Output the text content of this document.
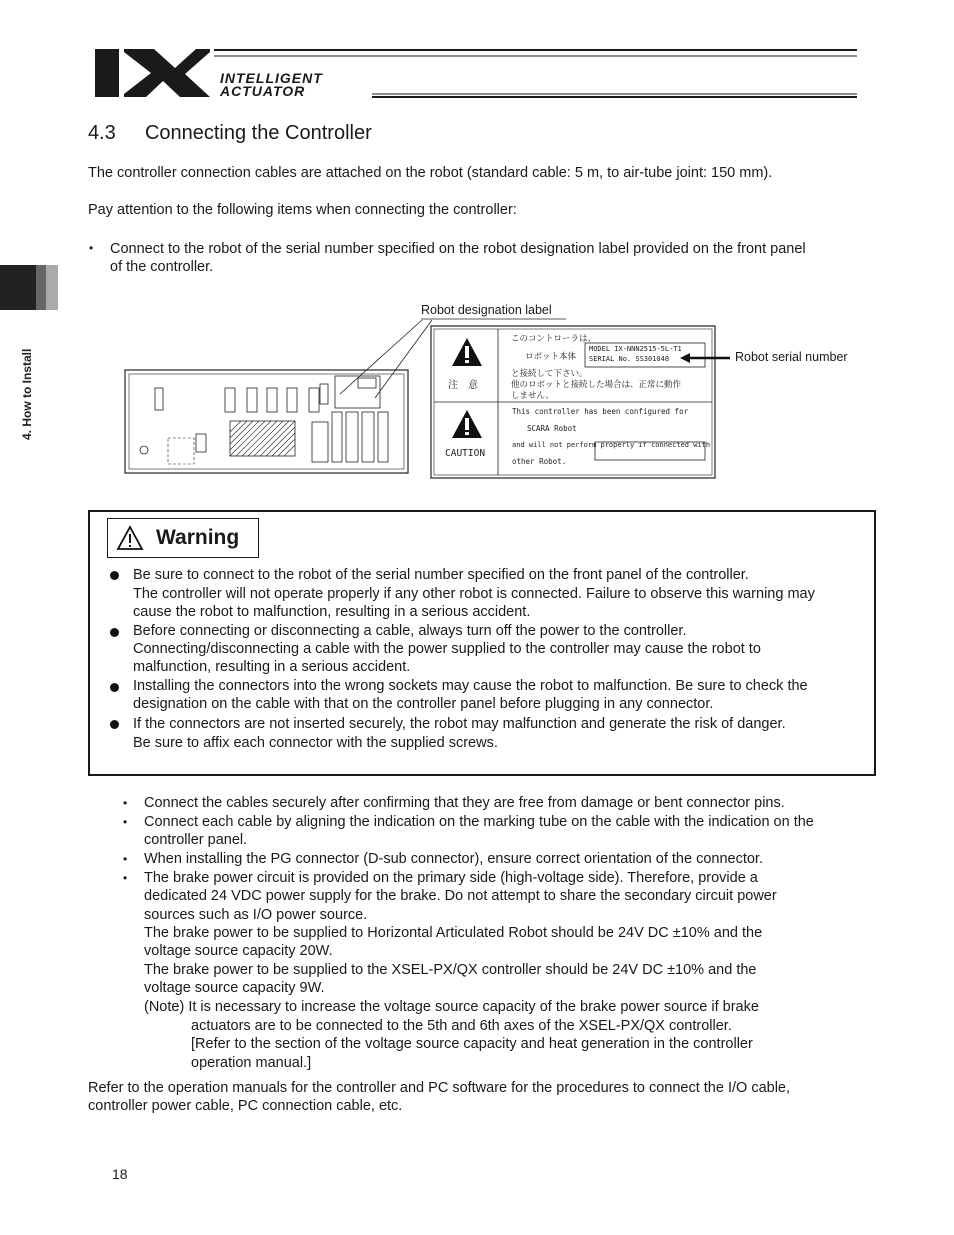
INTELLIGENT
ACTUATOR
4. How to Install
4.3 Connecting the Controller
The controller connection cables are attached on the robot (standard cable: 5 m, to air-tube joint: 150 mm).
Pay attention to the following items when connecting the controller:
• Connect to the robot of the serial number specified on the robot designation label provided on the front panel
of the controller.
Robot designation label
Robot serial number
このコントローラは、
ロボット本体
MODEL IX-NNN2515-5L-T1
SERIAL No. SS301048
と接続して下さい。
他のロボットと接続した場合は、正常に動作
しません。
注　意
This controller has been configured for
SCARA Robot
and will not perform properly if connected with
other Robot.
CAUTION
Warning
Be sure to connect to the robot of the serial number specified on the front panel of the controller.
The controller will not operate properly if any other robot is connected. Failure to observe this warning may
cause the robot to malfunction, resulting in a serious accident.
Before connecting or disconnecting a cable, always turn off the power to the controller.
Connecting/disconnecting a cable with the power supplied to the controller may cause the robot to
malfunction, resulting in a serious accident.
Installing the connectors into the wrong sockets may cause the robot to malfunction. Be sure to check the
designation on the cable with that on the controller panel before plugging in any connector.
If the connectors are not inserted securely, the robot may malfunction and generate the risk of danger.
Be sure to affix each connector with the supplied screws.
• Connect the cables securely after confirming that they are free from damage or bent connector pins.
• Connect each cable by aligning the indication on the marking tube on the cable with the indication on the
controller panel.
• When installing the PG connector (D-sub connector), ensure correct orientation of the connector.
• The brake power circuit is provided on the primary side (high-voltage side). Therefore, provide a
dedicated 24 VDC power supply for the brake. Do not attempt to share the secondary circuit power
sources such as I/O power source.
The brake power to be supplied to Horizontal Articulated Robot should be 24V DC ±10% and the
voltage source capacity 20W.
The brake power to be supplied to the XSEL-PX/QX controller should be 24V DC ±10% and the
voltage source capacity 9W.
(Note) It is necessary to increase the voltage source capacity of the brake power source if brake
actuators are to be connected to the 5th and 6th axes of the XSEL-PX/QX controller.
[Refer to the section of the voltage source capacity and heat generation in the controller
operation manual.]
Refer to the operation manuals for the controller and PC software for the procedures to connect the I/O cable,
controller power cable, PC connection cable, etc.
18
